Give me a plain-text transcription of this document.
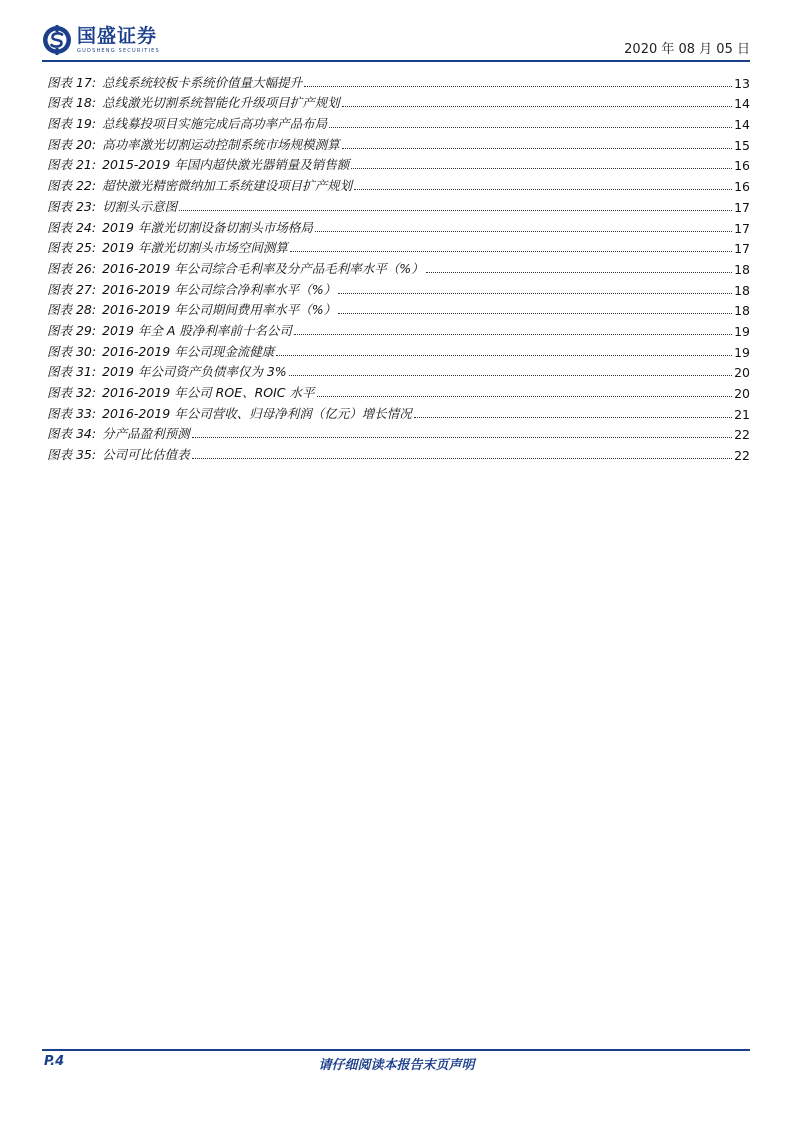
国盛证券
GUOSHENG SECURITIES	2020 年 08 月 05 日
图表 17: 总线系统较板卡系统价值量大幅提升	13
图表 18: 总线激光切割系统智能化升级项目扩产规划	14
图表 19: 总线募投项目实施完成后高功率产品布局	14
图表 20: 高功率激光切割运动控制系统市场规模测算	15
图表 21: 2015-2019 年国内超快激光器销量及销售额	16
图表 22: 超快激光精密微纳加工系统建设项目扩产规划	16
图表 23: 切割头示意图	17
图表 24: 2019 年激光切割设备切割头市场格局	17
图表 25: 2019 年激光切割头市场空间测算	17
图表 26: 2016-2019 年公司综合毛利率及分产品毛利率水平（%）	18
图表 27: 2016-2019 年公司综合净利率水平（%）	18
图表 28: 2016-2019 年公司期间费用率水平（%）	18
图表 29: 2019 年全 A 股净利率前十名公司	19
图表 30: 2016-2019 年公司现金流健康	19
图表 31: 2019 年公司资产负债率仅为 3%	20
图表 32: 2016-2019 年公司 ROE、ROIC 水平	20
图表 33: 2016-2019 年公司营收、归母净利润（亿元）增长情况	21
图表 34: 分产品盈利预测	22
图表 35: 公司可比估值表	22
P.4	请仔细阅读本报告末页声明
